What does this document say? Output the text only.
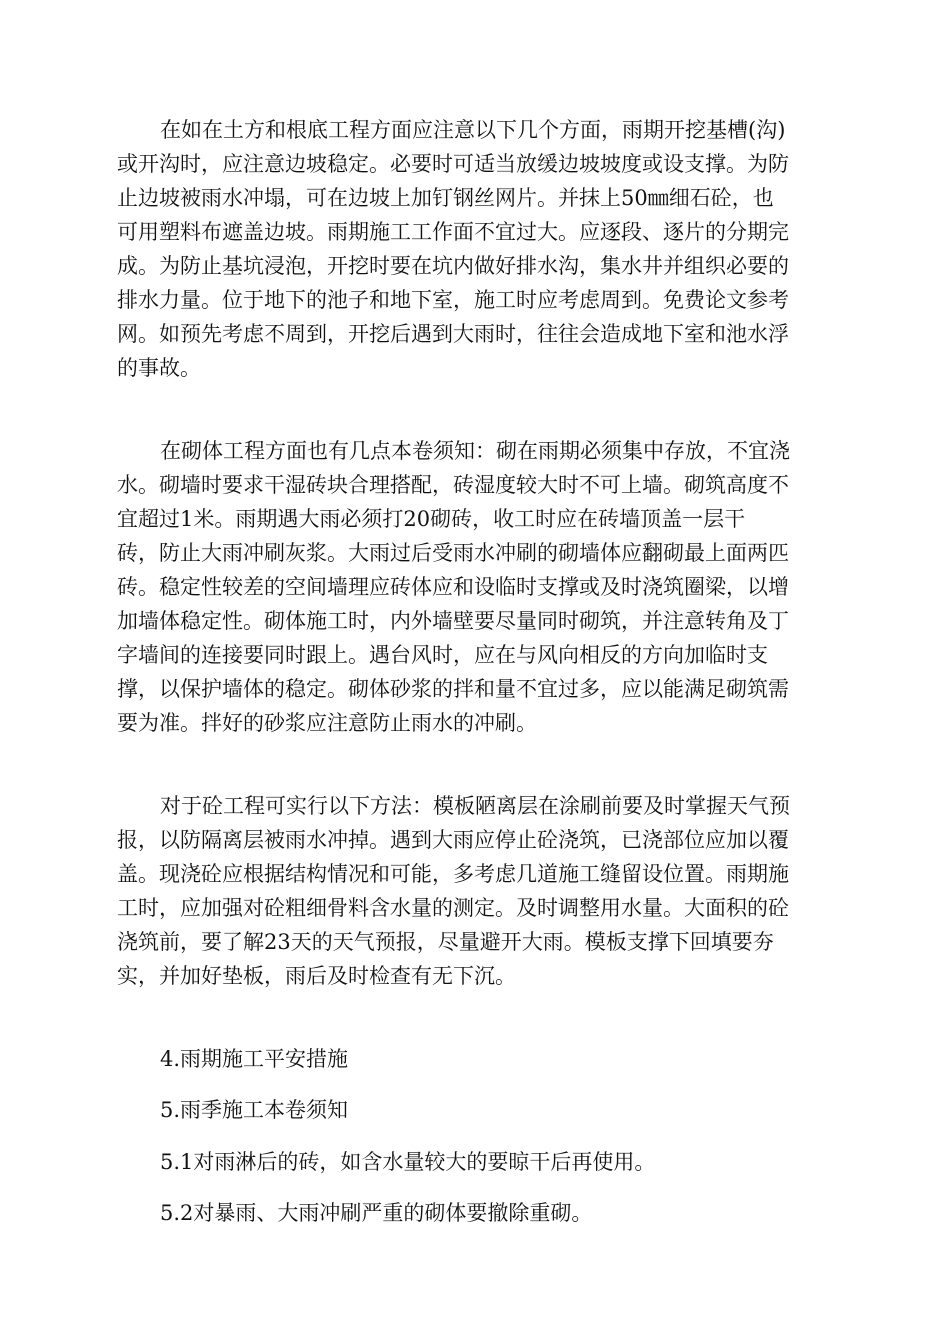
在如在土方和根底工程方面应注意以下几个方面，雨期开挖基槽(沟)

或开沟时，应注意边坡稳定。必要时可适当放缓边坡坡度或设支撑。为防

止边坡被雨水冲塌，可在边坡上加钉钢丝网片。并抹上50㎜细石砼，也

可用塑料布遮盖边坡。雨期施工工作面不宜过大。应逐段、逐片的分期完

成。为防止基坑浸泡，开挖时要在坑内做好排水沟，集水井并组织必要的

排水力量。位于地下的池子和地下室，施工时应考虑周到。免费论文参考

网。如预先考虑不周到，开挖后遇到大雨时，往往会造成地下室和池水浮

的事故。

在砌体工程方面也有几点本卷须知：砌在雨期必须集中存放，不宜浇

水。砌墙时要求干湿砖块合理搭配，砖湿度较大时不可上墙。砌筑高度不

宜超过1米。雨期遇大雨必须打20砌砖，收工时应在砖墙顶盖一层干

砖，防止大雨冲刷灰浆。大雨过后受雨水冲刷的砌墙体应翻砌最上面两匹

砖。稳定性较差的空间墙理应砖体应和设临时支撑或及时浇筑圈梁，以增

加墙体稳定性。砌体施工时，内外墙壁要尽量同时砌筑，并注意转角及丁

字墙间的连接要同时跟上。遇台风时，应在与风向相反的方向加临时支

撑，以保护墙体的稳定。砌体砂浆的拌和量不宜过多，应以能满足砌筑需

要为准。拌好的砂浆应注意防止雨水的冲刷。

对于砼工程可实行以下方法：模板陋离层在涂刷前要及时掌握天气预

报，以防隔离层被雨水冲掉。遇到大雨应停止砼浇筑，已浇部位应加以覆

盖。现浇砼应根据结构情况和可能，多考虑几道施工缝留设位置。雨期施

工时，应加强对砼粗细骨料含水量的测定。及时调整用水量。大面积的砼

浇筑前，要了解23天的天气预报，尽量避开大雨。模板支撑下回填要夯

实，并加好垫板，雨后及时检查有无下沉。

4.雨期施工平安措施

5.雨季施工本卷须知

5.1对雨淋后的砖，如含水量较大的要晾干后再使用。

5.2对暴雨、大雨冲刷严重的砌体要撤除重砌。
